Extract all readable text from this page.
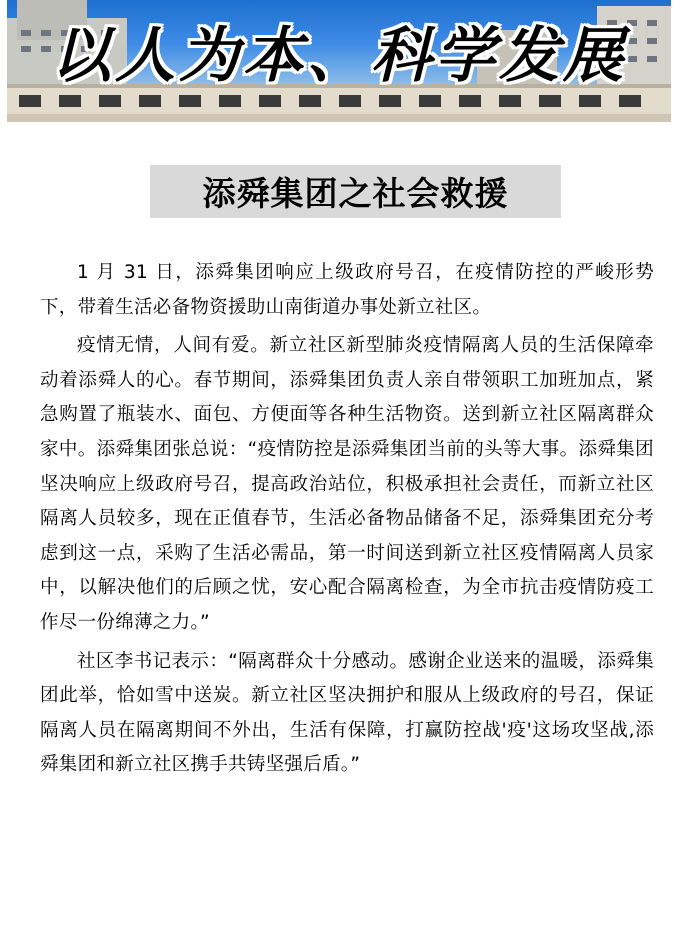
以人为本、科学发展
添舜集团之社会救援

1 月 31 日，添舜集团响应上级政府号召，在疫情防控的严峻形势下，带着生活必备物资援助山南街道办事处新立社区。

疫情无情，人间有爱。新立社区新型肺炎疫情隔离人员的生活保障牵动着添舜人的心。春节期间，添舜集团负责人亲自带领职工加班加点，紧急购置了瓶装水、面包、方便面等各种生活物资。送到新立社区隔离群众家中。添舜集团张总说：“疫情防控是添舜集团当前的头等大事。添舜集团坚决响应上级政府号召，提高政治站位，积极承担社会责任，而新立社区隔离人员较多，现在正值春节，生活必备物品储备不足，添舜集团充分考虑到这一点，采购了生活必需品，第一时间送到新立社区疫情隔离人员家中，以解决他们的后顾之忧，安心配合隔离检查，为全市抗击疫情防疫工作尽一份绵薄之力。”

社区李书记表示：“隔离群众十分感动。感谢企业送来的温暖，添舜集团此举，恰如雪中送炭。新立社区坚决拥护和服从上级政府的号召，保证隔离人员在隔离期间不外出，生活有保障，打赢防控战'疫'这场攻坚战,添舜集团和新立社区携手共铸坚强后盾。”
